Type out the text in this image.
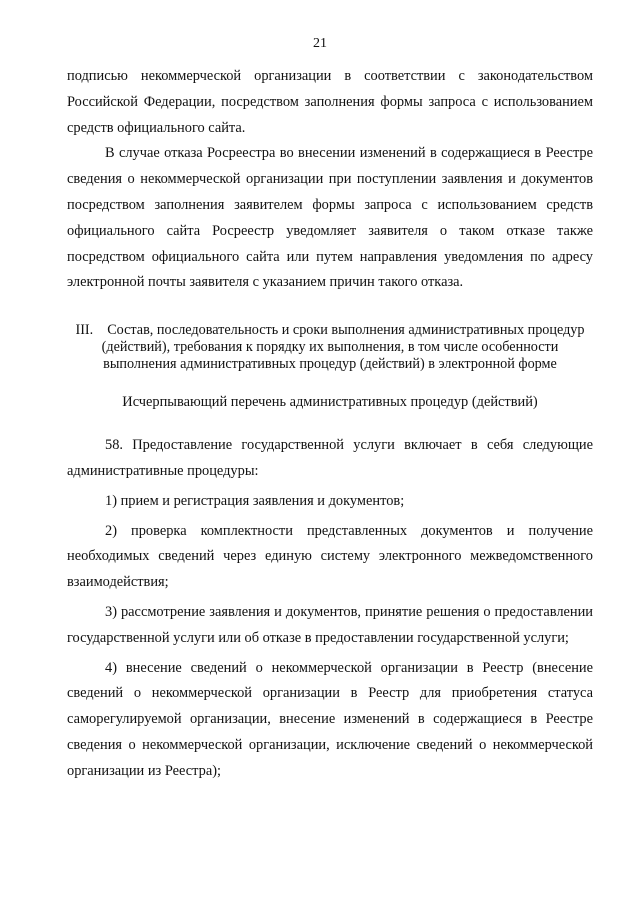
21

подписью некоммерческой организации в соответствии с законодательством Российской Федерации, посредством заполнения формы запроса с использованием средств официального сайта.

В случае отказа Росреестра во внесении изменений в содержащиеся в Реестре сведения о некоммерческой организации при поступлении заявления и документов посредством заполнения заявителем формы запроса с использованием средств официального сайта Росреестр уведомляет заявителя о таком отказе также посредством официального сайта или путем направления уведомления по адресу электронной почты заявителя с указанием причин такого отказа.

III. Состав, последовательность и сроки выполнения административных процедур (действий), требования к порядку их выполнения, в том числе особенности выполнения административных процедур (действий) в электронной форме
Исчерпывающий перечень административных процедур (действий)

58. Предоставление государственной услуги включает в себя следующие административные процедуры:

1) прием и регистрация заявления и документов;

2) проверка комплектности представленных документов и получение необходимых сведений через единую систему электронного межведомственного взаимодействия;

3) рассмотрение заявления и документов, принятие решения о предоставлении государственной услуги или об отказе в предоставлении государственной услуги;

4) внесение сведений о некоммерческой организации в Реестр (внесение сведений о некоммерческой организации в Реестр для приобретения статуса саморегулируемой организации, внесение изменений в содержащиеся в Реестре сведения о некоммерческой организации, исключение сведений о некоммерческой организации из Реестра);
